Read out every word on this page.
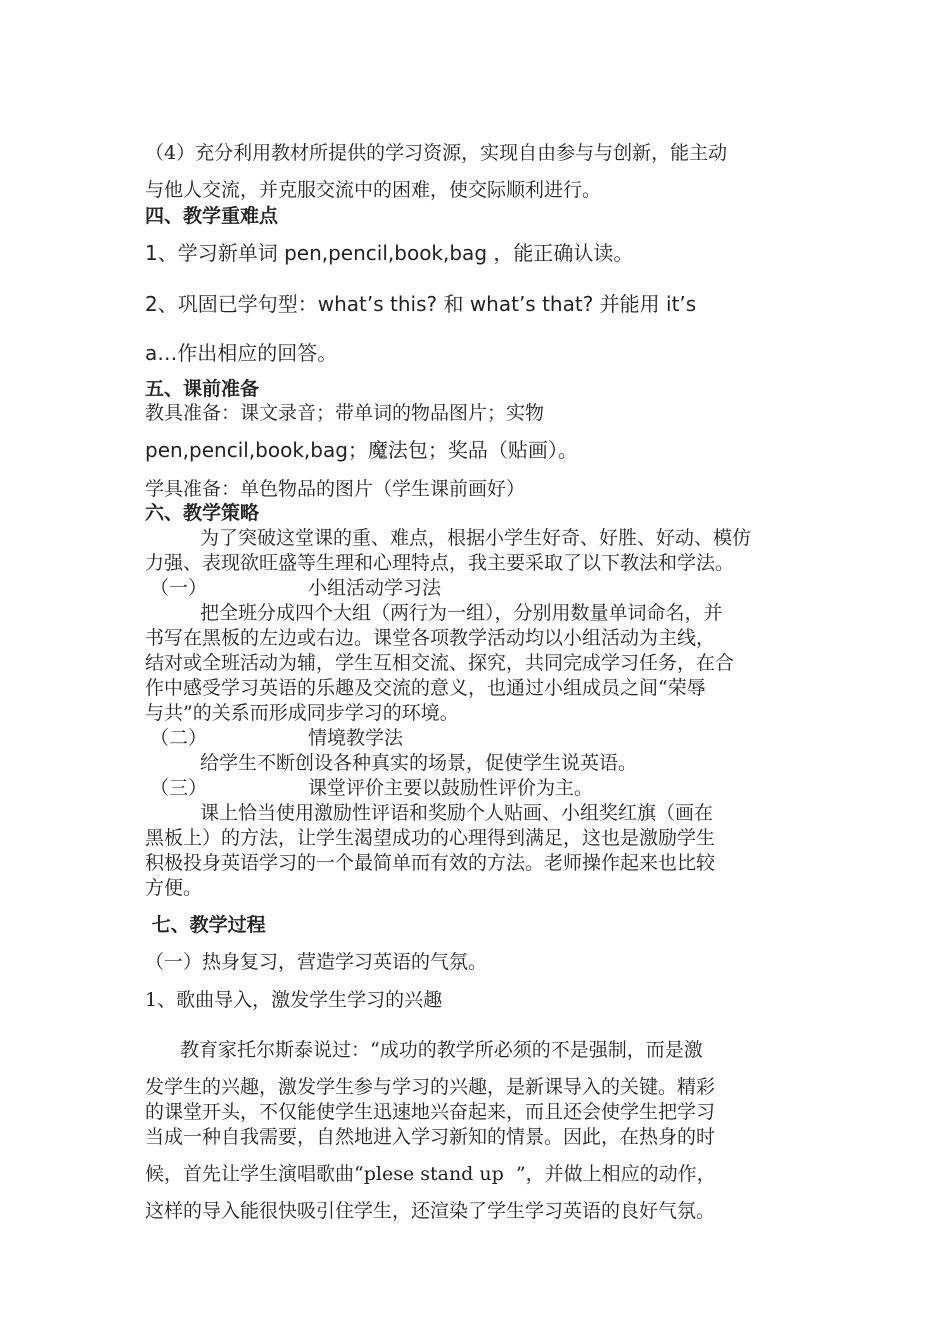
（4）充分利用教材所提供的学习资源，实现自由参与与创新，能主动
与他人交流，并克服交流中的困难，使交际顺利进行。
四、教学重难点
1、学习新单词 pen,pencil,book,bag ，能正确认读。
2、巩固已学句型：what’s this? 和 what’s that? 并能用 it’s
a…作出相应的回答。
五、课前准备
教具准备：课文录音；带单词的物品图片；实物
pen,pencil,book,bag；魔法包；奖品（贴画）。
学具准备：单色物品的图片（学生课前画好）
六、教学策略
为了突破这堂课的重、难点，根据小学生好奇、好胜、好动、模仿
力强、表现欲旺盛等生理和心理特点，我主要采取了以下教法和学法。
（一）	小组活动学习法
把全班分成四个大组（两行为一组），分别用数量单词命名，并
书写在黑板的左边或右边。课堂各项教学活动均以小组活动为主线，
结对或全班活动为辅，学生互相交流、探究，共同完成学习任务，在合
作中感受学习英语的乐趣及交流的意义，也通过小组成员之间“荣辱
与共”的关系而形成同步学习的环境。
（二）	情境教学法
给学生不断创设各种真实的场景，促使学生说英语。
（三）	课堂评价主要以鼓励性评价为主。
课上恰当使用激励性评语和奖励个人贴画、小组奖红旗（画在
黑板上）的方法，让学生渴望成功的心理得到满足，这也是激励学生
积极投身英语学习的一个最简单而有效的方法。老师操作起来也比较
方便。
七、教学过程
（一）热身复习，营造学习英语的气氛。
1、歌曲导入，激发学生学习的兴趣
教育家托尔斯泰说过：“成功的教学所必须的不是强制，而是激
发学生的兴趣，激发学生参与学习的兴趣，是新课导入的关键。精彩
的课堂开头，不仅能使学生迅速地兴奋起来，而且还会使学生把学习
当成一种自我需要，自然地进入学习新知的情景。因此，在热身的时
候，首先让学生演唱歌曲“plese stand up  ”，并做上相应的动作，
这样的导入能很快吸引住学生，还渲染了学生学习英语的良好气氛。
